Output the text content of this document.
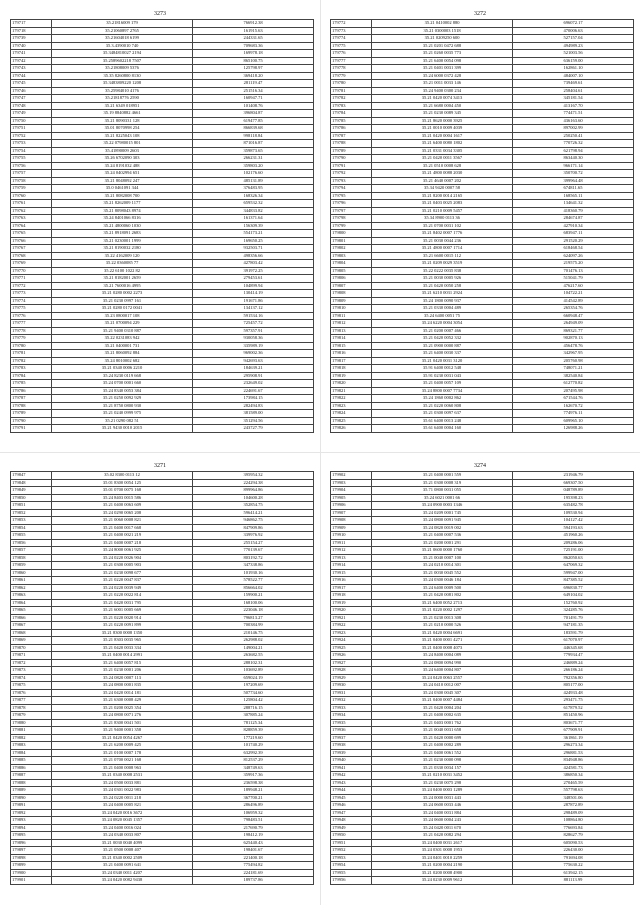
3273
179717	35.21816009 179	766912.38
179718	35.21060897 2765	161915.63
179739	35.21604018 6199	244331.65
179740	35.3.4390010 740	709683.36
179741	35.3484810027 2194	169978.18
179742	35.2589602218 7507	865100.75
179743	35.21808009 5376	125798.97
179744	35.35 8260800 8130	369418.20
179745	35.3483809220 1208	281119.47
179746	35.25984010 4176	251516.34
179747	35.21818776 2590	160947.71
179748	35.21 6349 018951	101408.76
179749	35.19 8840882 4661	396804.87
179750	35.21 8090331 128	619477.85
179751	35.01 8070998 254	866839.68
179752	35.21 8225043 108	998118.84
179753	35.22 07980015 801	871016.87
179754	35.41890009 2603	359873.65
179755	35.26 6702090 303	266231.31
179756	35.24 8191032 488	359803.20
179757	35.24 0402994 651	102176.60
179758	35.21 8048092 247	485131.89
179759	35.0 0461091 344	376483.95
179760	35.21 8082008 700	168326.34
179761	35.21 8262009 1177	659532.32
179762	35.21 8098043 8974	344833.82
179763	35.24 8401066 8316	161371.64
179764	35.21 4800060 1030	156309.39
179765	35.21 8918091 2683	554173.21
179766	35.21 0230001 1999	169650.25
179767	35.21 8190032 2180	932503.71
179768	35.22 4162009 120	498356.66
179769	35.22 0360085 77	427803.42
179770	35.22 6100 1022 82	391972.25
179771	35.21 8182001 2659	279453.61
179772	35.21 7600016 4995	104899.94
179773	35.21 0280 0002 2273	130414.19
179774	35.21 0230 0997 161	191671.86
179775	35.21 0280 0172 0041	134137.12
179776	35.23 0800017 108	591534.16
179777	35.21 0700094 229	725457.72
179778	35.21 9400 0310 887	597357.91
179779	35.22 0231083 942	930058.36
179780	35.21 0400001 731	335989.19
179781	35.21 8060092 884	969002.36
179782	35.24 8010002 682	942693.63
179783	35.21 0340 0006 2210	184639.21
179784	35.24 8230 0119 668	295908.91
179785	35.24 0700 0001 660	232649.02
179786	35.24 8340 0053 384	224691.67
179787	35.21 0250 0092 929	173984.15
179788	35.21 8750 0800 930	282494.83
179789	35.21 0240 0999 975	381589.00
179790	35.21 0290 082 51	351294.56
179791	35.21 9430 0010 2015	243727.79
3272
179772	35.21 0410002 880	696072.17
179773	35.21 0300003 1518	470006.63
179774	35.21 0209250 600	527157.04
179775	35.21 0201 0472 688	494989.23
179776	35.21 0260 0035 773	521003.56
179777	35.21 6400 0054 098	636159.00
179778	35.21 0401 0031 399	162861.10
179779	35.24 6000 0372 428	484007.10
179780	35.21 0011 0033 146	739469.61
179781	35.24 9400 0300 234	258404.61
179782	35.21 0420 0074 3413	345181.54
179783	35.21 6680 0004 450	413167.70
179784	35.21 0230 0089 345	774471.51
179785	35.21 8620 0000 3925	436163.60
179786	35.21 0010 0009 4039	897002.99
179787	35.21 0420 0004 1617	250250.41
179788	35.21 6400 0080 1802	770726.32
179789	35.21 0331 0034 3305	621798.94
179790	35.21 0420 0011 3567	863440.30
179791	35.21 0510 0008 628	966171.14
179792	35.21 4800 0088 2030	350700.72
179793	35.21 4640 0007 202	399964.48
179794	35.34 9420 0007 58	674811.65
179795	35.21 8200 0014 2165	168565.11
179796	35.21 0403 0025 2083	134641.32
179797	35.21 0210 0009 5457	418360.79
179798	35.34 8900 0113 36	284674.87
179799	35.21 0700 0031 102	427910.34
179800	35.21 8402 0007 1776	683947.11
179801	35.21 0030 0044 236	291520.29
179802	35.21 4800 0007 1714	618468.54
179803	35.21 6600 0015 112	624097.26
179804	35.21 0209 0029 3519	219575.20
179805	35.22 0222 0035 838	701476.13
179806	35.21 0030 0005 926	515041.79
179807	35.21 0420 0050 258	476217.60
179808	35.21 6210 0031 2924	104722.21
179809	35.24 1800 0090 937	414542.89
179810	35.21 0330 0004 489	265354.76
179811	35.24 6400 0051 75	660948.47
179812	35.24 6220 0004 3054	264949.09
179813	35.21 0200 0007 466	869321.77
179814	35.21 0420 0052 332	902870.13
179815	35.21 0900 0000 887	456478.76
179816	35.21 6400 0030 337	342967.95
179817	35.21 0420 0031 3120	205760.98
179818	35.91 6400 0012 548	748071.21
179819	35.91 0230 0031 043	382540.84
179820	35.21 0400 0057 109	612770.82
179821	35.24 8800 0007 7734	207495.98
179822	35.24 1860 0002 862	671544.76
179823	35.21 0220 0060 808	162670.72
179824	35.21 0300 0097 637	774976.11
179825	35.61 6400 0013 248	609965.10
179826	35.61 6400 0004 160	126988.26
3271
179847	35.02 8300 0113 12	395954.32
179848	35.01 8300 0054 125	224294.38
179849	35.01 0700 0075 168	899964.86
179850	35.24 8403 0015 586	104600.28
179851	35.21 0400 0063 609	352854.75
179852	35.24 0290 0065 208	596414.21
179853	35.21 0060 0008 821	946862.75
179854	35.21 0400 0017 668	847909.86
179855	35.21 0400 0021 219	339976.92
179856	35.21 0400 0007 218	255154.27
179857	35.24 8000 0061 925	770139.67
179858	35.24 0220 0026 904	803192.72
179859	35.21 0300 0005 903	347338.86
179860	35.21 0230 0098 677	101930.16
179861	35.21 0220 0047 837	578522.77
179862	35.24 0220 0039 949	856664.02
179863	35.21 0220 0022 814	159900.21
179864	35.21 0420 0031 795	168100.06
179865	35.21 6001 0005 669	223046.18
179866	35.21 0220 0020 914	796813.27
179867	35.21 0220 0091 899	700384.99
179868	35.21 8300 0008 1350	210146.75
179869	35.21 8303 0035 965	262988.02
179870	35.21 0420 0033 334	149004.21
179871	35.21 0400 0014 2991	263682.55
179872	35.21 6400 0057 815	288102.31
179873	35.21 0230 0001 206	103692.89
179874	35.24 0820 0007 113	659024.19
179875	35.24 0800 0001 835	197209.69
179876	35.24 0420 0014 181	507734.60
179877	35.21 6300 0008 429	125804.42
179878	35.21 0200 0025 354	288716.15
179879	35.24 0800 0071 276	307885.24
179880	35.21 8300 0041 501	781125.34
179881	35.21 9400 0001 358	828859.39
179882	35.21 0420 0054 4267	177219.60
179883	35.21 6200 0009 425	101740.29
179884	35.21 0100 0007 178	632992.39
179885	35.21 0700 0021 168	812537.29
179886	35.21 0400 0008 963	348749.63
179887	35.21 0340 0008 2531	359917.36
179888	35.24 0500 0033 881	236598.38
179889	35.24 0301 0022 983	189948.21
179890	35.24 0220 0011 218	367700.21
179891	35.24 0400 0005 821	286496.89
179892	35.24 0420 0016 3672	106959.32
179893	35.24 0820 0045 1357	798483.51
179894	35.24 0400 0016 024	217690.79
179895	35.24 0340 0033 807	198412.19
179896	35.21 0030 0040 4099	625440.43
179897	35.21 0500 0008 407	198401.67
179898	35.21 0340 0002 2509	221400.18
179899	35.21 0400 0091 641	775494.82
179900	35.24 0340 0011 4207	224181.69
179901	35.24 0420 0082 9438	189737.86
3274
179902	35.21 0400 0001 559	231946.79
179903	35.21 0300 0008 319	669307.50
179904	35.71 0800 0031 055	048789.89
179905	35.24 6021 0001 66	195398.23
179906	35.24 0900 0003 1346	635482.78
179907	35.24 0209 0001 745	109530.94
179908	35.24 0800 0091 945	104127.42
179909	35.24 0820 0019 002	594193.63
179910	35.21 0400 0007 536	451960.26
179911	35.21 0200 0001 291	209286.06
179912	35.21 0600 0000 1760	725191.00
179913	35.21 0040 0007 100	862050.63
179914	35.24 0210 0014 301	647069.32
179915	35.21 0030 0045 552	599947.00
179916	35.24 0300 0046 184	847385.52
179917	35.24 6400 0009 500	696830.77
179918	35.21 0420 0081 802	649104.02
179919	35.21 6400 0052 2713	152760.92
179920	35.21 0220 0002 1297	324285.76
179921	35.21 0230 0013 308	701491.79
179922	35.21 0210 0000 526	947181.35
179923	35.21 0420 0004 6691	183591.79
179924	35.21 0400 0001 4271	617070.97
179925	35.21 0400 0008 4073	446345.68
179926	35.24 8400 0004 089	779934.47
179927	35.24 0800 0094 990	246889.24
179928	35.24 6400 0004 807	266186.24
179929	35.24 0420 0063 2557	792356.80
179930	35.24 0410 0012 007	805177.00
179931	35.24 0300 0045 307	424933.48
179932	35.21 0400 0007 4484	293471.75
179933	35.21 0420 0004 204	617879.52
179934	35.21 0400 0002 635	851450.96
179935	35.21 0403 0001 762	803671.77
179936	35.21 0040 0031 658	677909.91
179937	35.21 0420 0000 699	361861.19
179938	35.21 0400 0002 289	296273.34
179939	35.21 0400 0061 552	296881.53
179940	35.21 0230 0000 098	834948.86
179941	35.21 0330 0034 157	424581.73
179942	35.21 0210 0031 3452	386850.34
179943	35.21 0230 0075 298	270465.59
179944	35.24 0400 0003 1289	557798.63
179945	35.24 0000 0031 443	348501.06
179946	35.24 0600 0033 446	287872.89
179947	35.24 0400 0031 884	298489.09
179948	35.24 0600 0004 243	108864.80
179949	35.24 0420 0011 670	776693.84
179950	35.21 0420 0082 294	828627.79
179951	35.24 0400 0031 2617	605090.53
179952	35.24 0301 0008 1953	226430.00
179953	35.24 0401 0010 2259	791694.08
179954	35.21 0200 0004 2190	775630.22
179955	35.21 0200 0008 4900	613942.15
179956	35.24 0230 0009 9612	881113.99
